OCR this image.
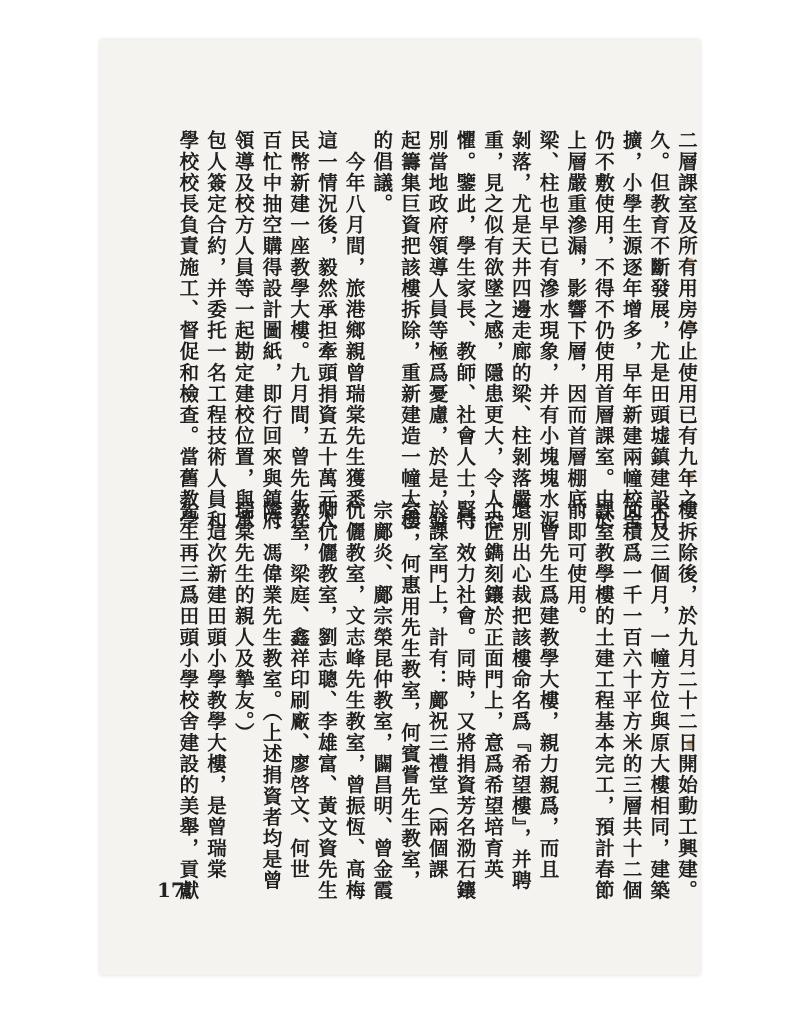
二層課室及所有用房停止使用已有九年之
久。但教育不斷發展，尤是田頭墟鎮建設日
擴，小學生源逐年增多，早年新建兩幢校舍
仍不敷使用，不得不仍使用首層課室。由於
上層嚴重滲漏，影響下層，因而首層棚底、
梁、柱也早已有滲水現象，并有小塊塊水泥
剝落，尤是天井四邊走廊的梁、柱剝落嚴
重，見之似有欲墜之感，隱患更大，令人恐
懼。鑒此，學生家長、教師、社會人士，特
別當地政府領導人員等極爲憂慮，於是，發
起籌集巨資把該樓拆除，重新建造一幢大樓
的倡議。
　今年八月間，旅港鄉親曾瑞棠先生獲悉
這一情況後，毅然承担牽頭捐資五十萬元人
民幣新建一座教學大樓。九月間，曾先生在
百忙中抽空購得設計圖紙，即行回來與鎮府
領導及校方人員等一起勘定建校位置，與承
包人簽定合約，并委托一名工程技術人員和
學校校長負責施工、督促和檢查。當舊教學
樓拆除後，於九月二十二日開始動工興建。
未及三個月，一幢方位與原大樓相同，建築
面積爲一千一百六十平方米的三層共十二個
課室教學樓的土建工程基本完工，預計春節
前即可使用。
　曾先生爲建教學大樓，親力親爲，而且
還別出心裁把該樓命名爲『希望樓』，并聘
工匠鐫刻鑲於正面門上，意爲希望培育英
賢，效力社會。同時，又將捐資芳名泐石鑲
於課室門上，計有：鄺祝三禮堂（兩個課
室），何惠用先生教室，何賓嘗先生教室，
宗鄺炎、鄺宗榮昆仲教室，闢昌明、曾金霞
伉儷教室，文志峰先生教室，曾振恆、高梅
卿伉儷教室，劉志聰、李雄富、黃文資先生
教室，梁庭、鑫祥印刷廠、廖啓文、何世
隆、馮偉業先生教室。（上述捐資者均是曾
瑞棠先生的親人及摯友。）
　這次新建田頭小學教學大樓，是曾瑞棠
先生再三爲田頭小學校舍建設的美舉，貢獻
17
